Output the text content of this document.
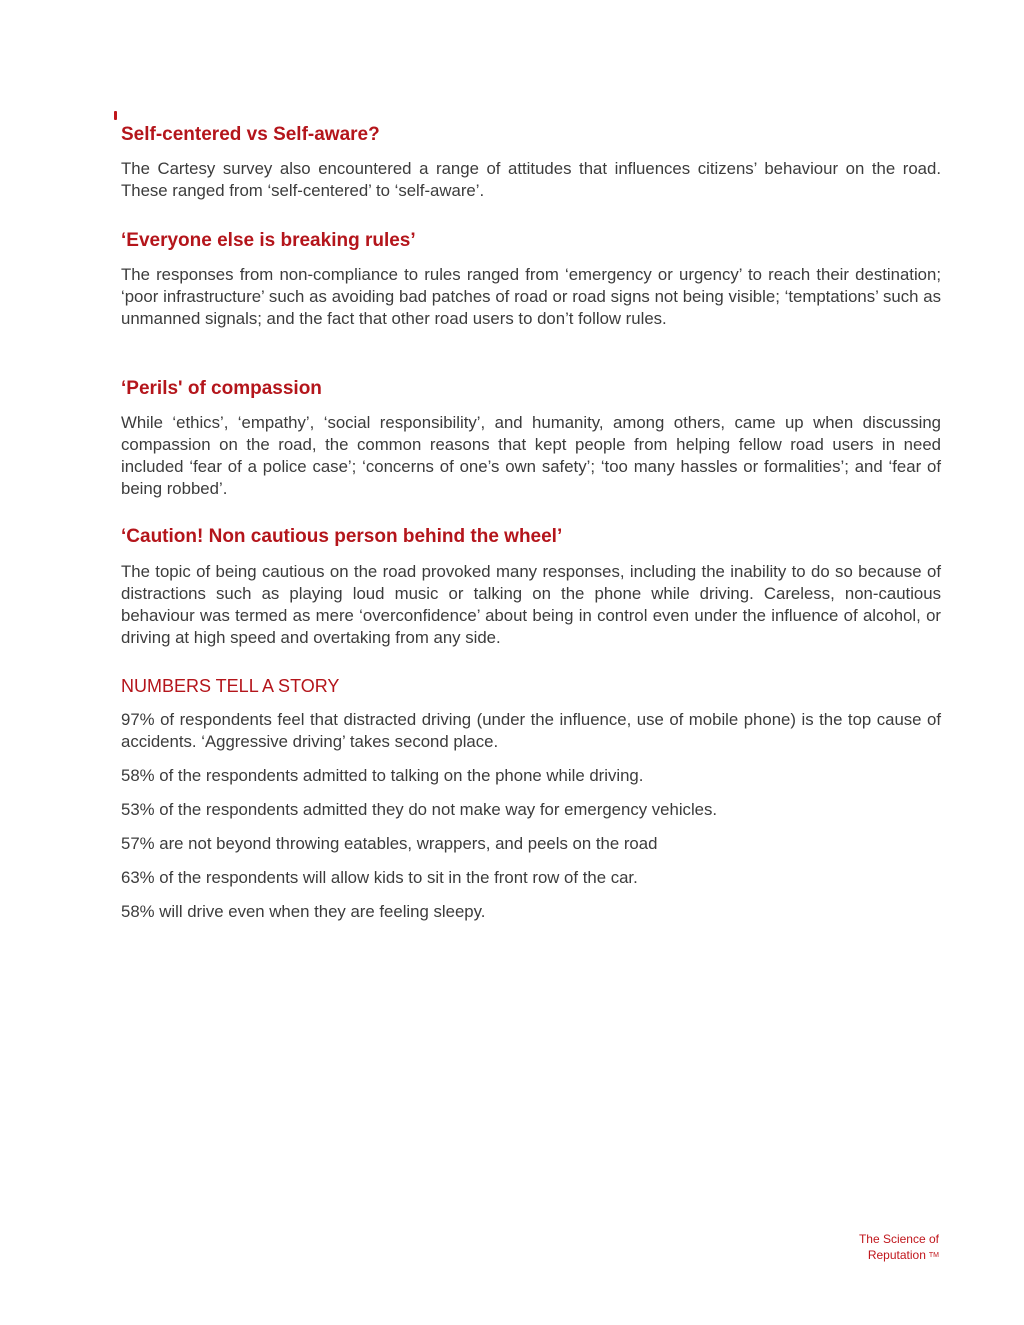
Self-centered vs Self-aware?

The Cartesy survey also encountered a range of attitudes that influences citizens’ behaviour on the road. These ranged from ‘self-centered’ to ‘self-aware’.

‘Everyone else is breaking rules’

The responses from non-compliance to rules ranged from ‘emergency or urgency’ to reach their destination; ‘poor infrastructure’ such as avoiding bad patches of road or road signs not being visible; ‘temptations’ such as unmanned signals; and the fact that other road users to don’t follow rules.

‘Perils' of compassion

While ‘ethics’, ‘empathy’, ‘social responsibility’, and humanity, among others, came up when discussing compassion on the road, the common reasons that kept people from helping fellow road users in need included ‘fear of a police case’; ‘concerns of one’s own safety’; ‘too many hassles or formalities’; and ‘fear of being robbed’.

‘Caution! Non cautious person behind the wheel’

The topic of being cautious on the road provoked many responses, including the inability to do so because of distractions such as playing loud music or talking on the phone while driving. Careless, non-cautious behaviour was termed as mere ‘overconfidence’ about being in control even under the influence of alcohol, or driving at high speed and overtaking from any side.

NUMBERS TELL A STORY

97% of respondents feel that distracted driving (under the influence, use of mobile phone) is the top cause of accidents. ‘Aggressive driving’ takes second place.

58% of the respondents admitted to talking on the phone while driving.

53% of the respondents admitted they do not make way for emergency vehicles.

57% are not beyond throwing eatables, wrappers, and peels on the road

63% of the respondents will allow kids to sit in the front row of the car.

58% will drive even when they are feeling sleepy.

The Science of
Reputation TM
